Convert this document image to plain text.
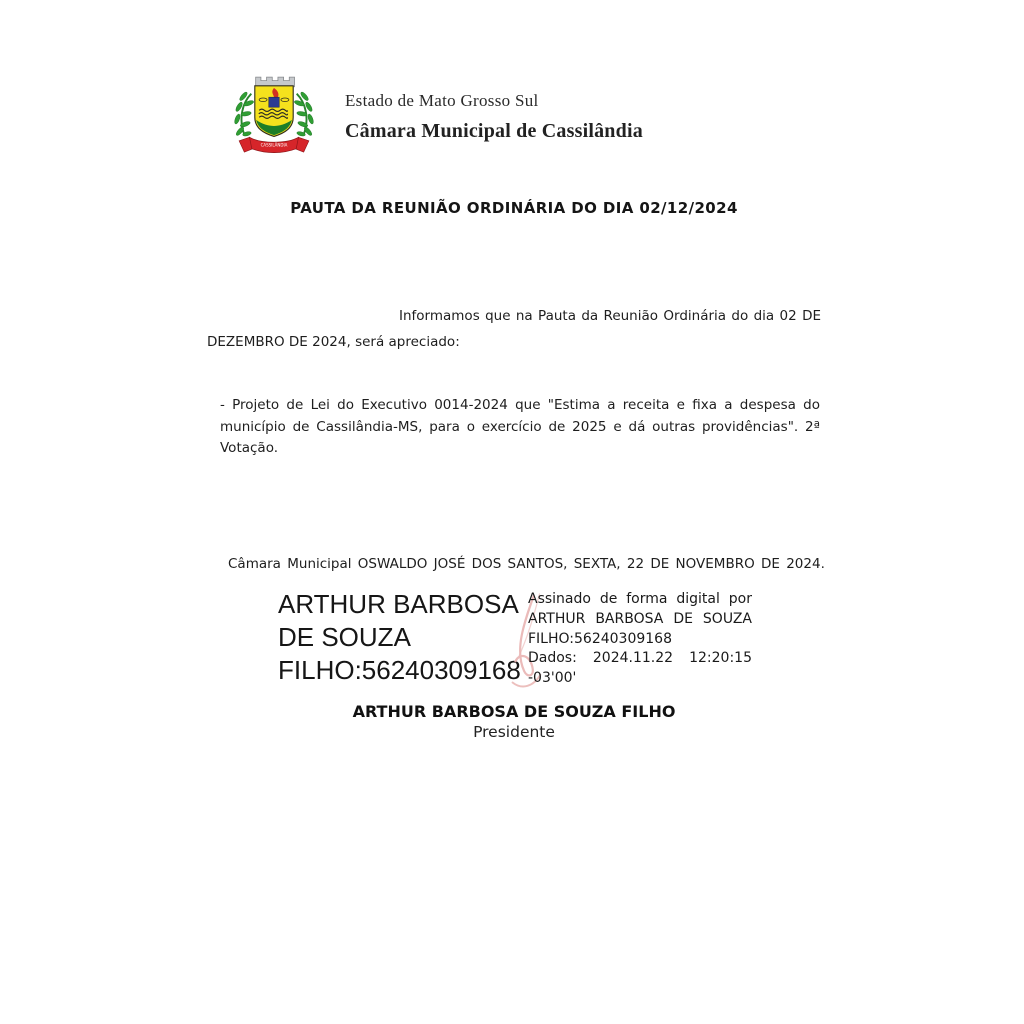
CASSILÂNDIA
Estado de Mato Grosso Sul
Câmara Municipal de Cassilândia
PAUTA DA REUNIÃO ORDINÁRIA DO DIA 02/12/2024
Informamos que na Pauta da Reunião Ordinária do dia 02 DE
DEZEMBRO DE 2024, será apreciado:
- Projeto de Lei do Executivo 0014-2024 que "Estima a receita e fixa a despesa do
município de Cassilândia-MS, para o exercício de 2025 e dá outras providências". 2ª
Votação.
Câmara Municipal OSWALDO JOSÉ DOS SANTOS, SEXTA, 22 DE NOVEMBRO DE 2024.
ARTHUR BARBOSA
DE SOUZA
FILHO:56240309168
Assinado de forma digital por
ARTHUR BARBOSA DE SOUZA
FILHO:56240309168
Dados: 2024.11.22 12:20:15
-03'00'
ARTHUR BARBOSA DE SOUZA FILHO
Presidente
